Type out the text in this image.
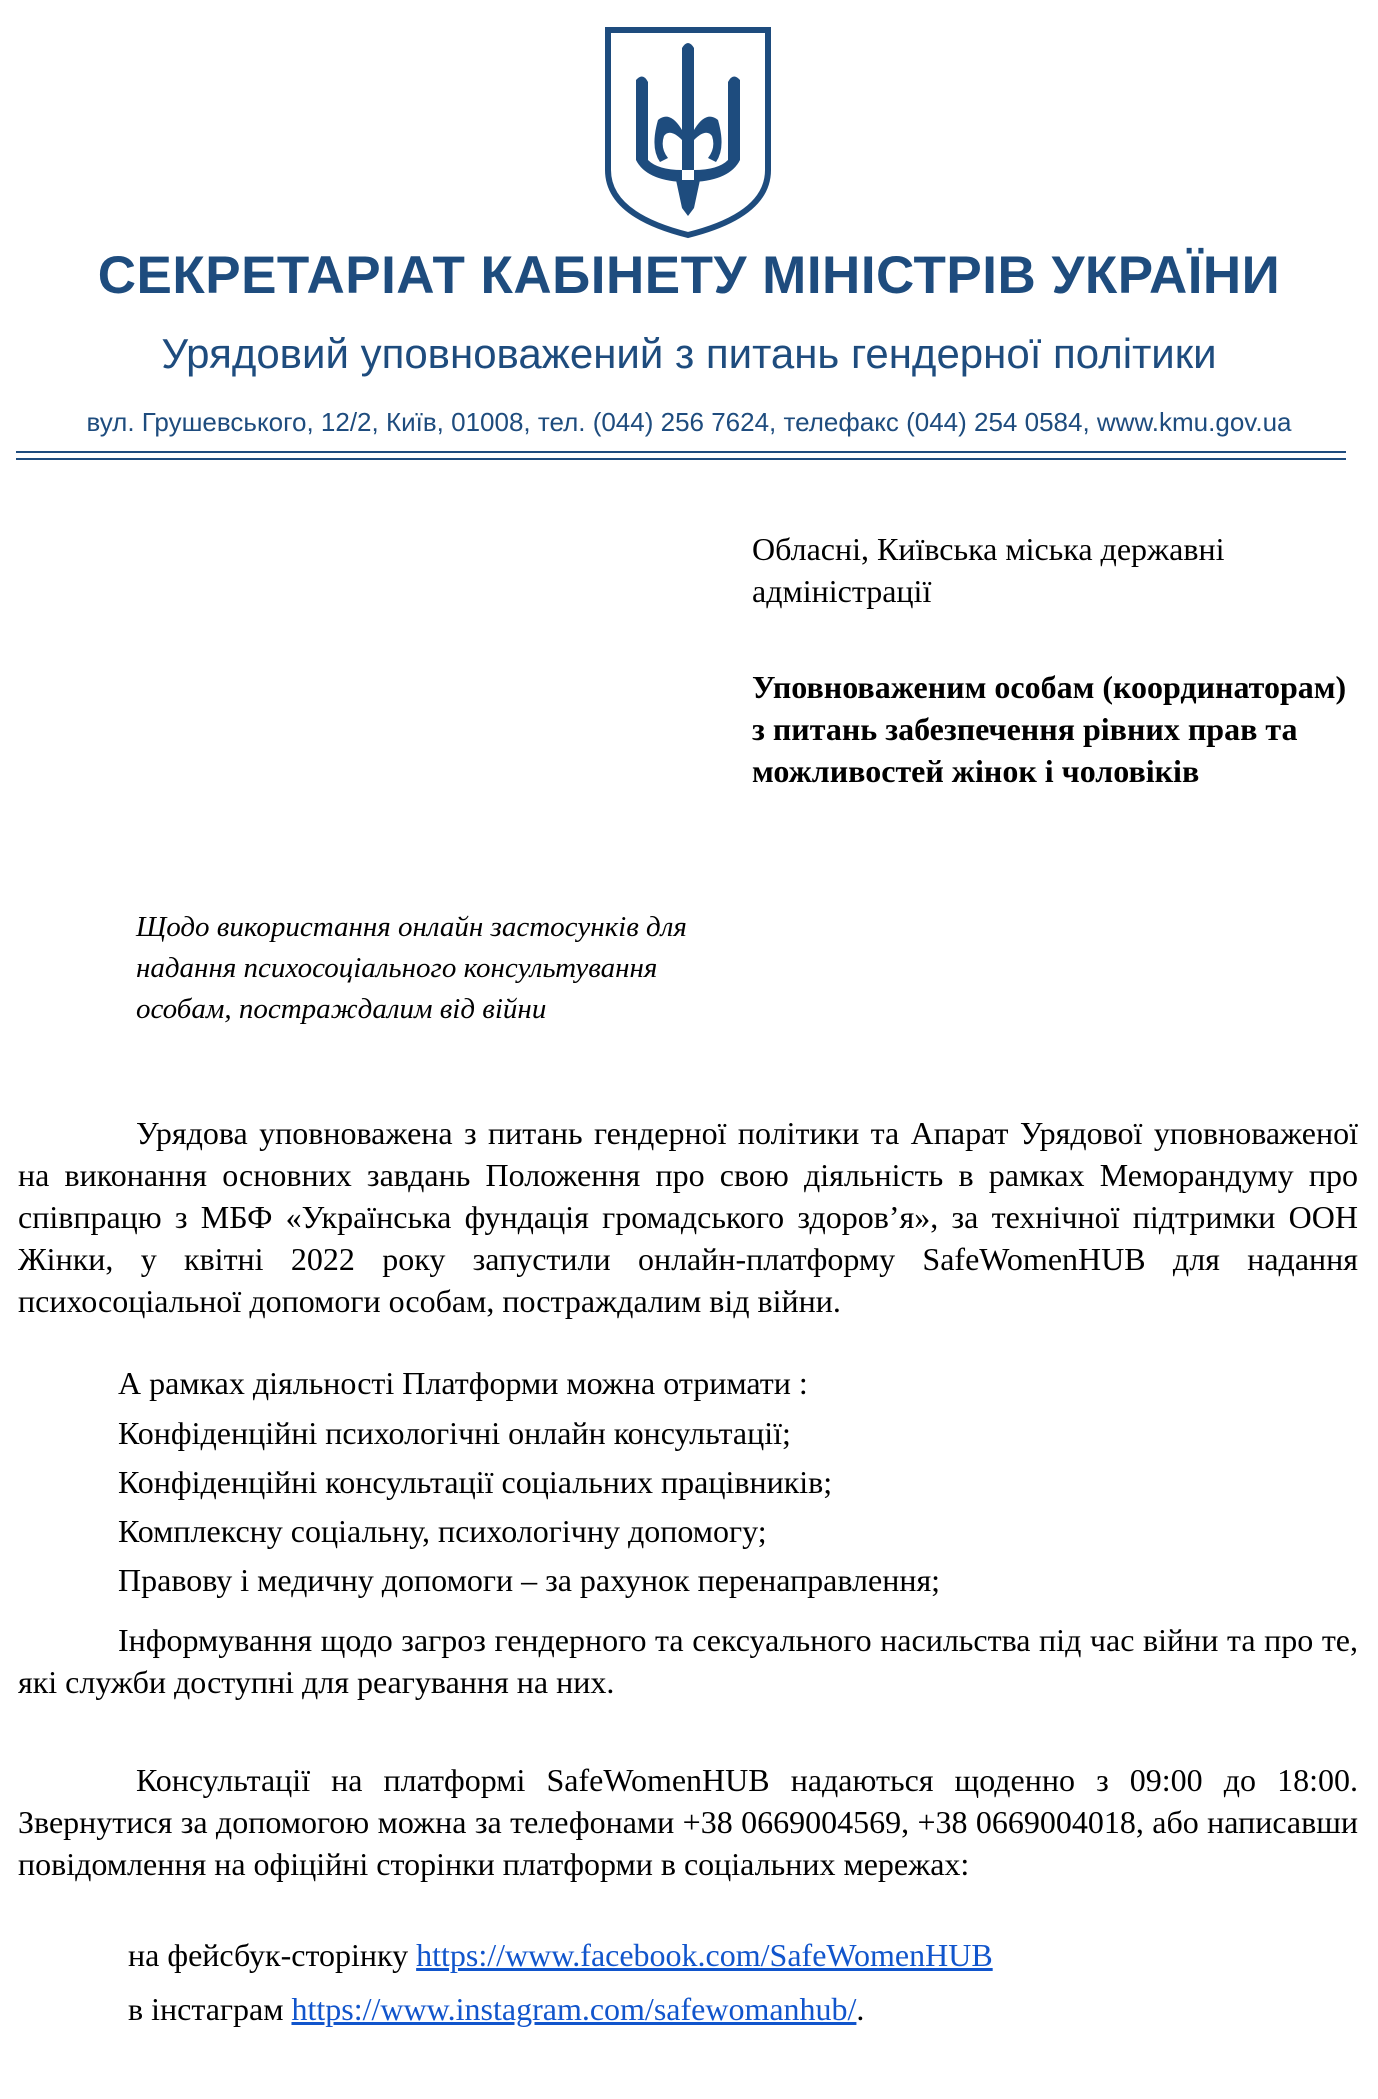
СЕКРЕТАРІАТ КАБІНЕТУ МІНІСТРІВ УКРАЇНИ
Урядовий уповноважений з питань гендерної політики
вул. Грушевського, 12/2, Київ, 01008, тел. (044) 256 7624, телефакс (044) 254 0584, www.kmu.gov.ua
Обласні, Київська міська державні адміністрації
Уповноваженим особам (координаторам) з питань забезпечення рівних прав та можливостей жінок і чоловіків
Щодо використання онлайн застосунків для надання психосоціального консультування особам, постраждалим від війни
Урядова уповноважена з питань гендерної політики та Апарат Урядової уповноваженої на виконання основних завдань Положення про свою діяльність в рамках Меморандуму про співпрацю з МБФ «Українська фундація громадського здоров’я», за технічної підтримки ООН Жінки, у квітні 2022 року запустили онлайн-платформу SafeWomenHUB для надання психосоціальної допомоги особам, постраждалим від війни.
А рамках діяльності Платформи можна отримати :
Конфіденційні психологічні онлайн консультації;
Конфіденційні консультації соціальних працівників;
Комплексну соціальну, психологічну допомогу;
Правову і медичну допомоги – за рахунок перенаправлення;
Інформування щодо загроз гендерного та сексуального насильства під час війни та про те, які служби доступні для реагування на них.
Консультації на платформі SafeWomenHUB надаються щоденно з 09:00 до 18:00. Звернутися за допомогою можна за телефонами +38 0669004569, +38 0669004018, або написавши повідомлення на офіційні сторінки платформи в соціальних мережах:
на фейсбук-сторінку https://www.facebook.com/SafeWomenHUB
в інстаграм https://www.instagram.com/safewomanhub/.
